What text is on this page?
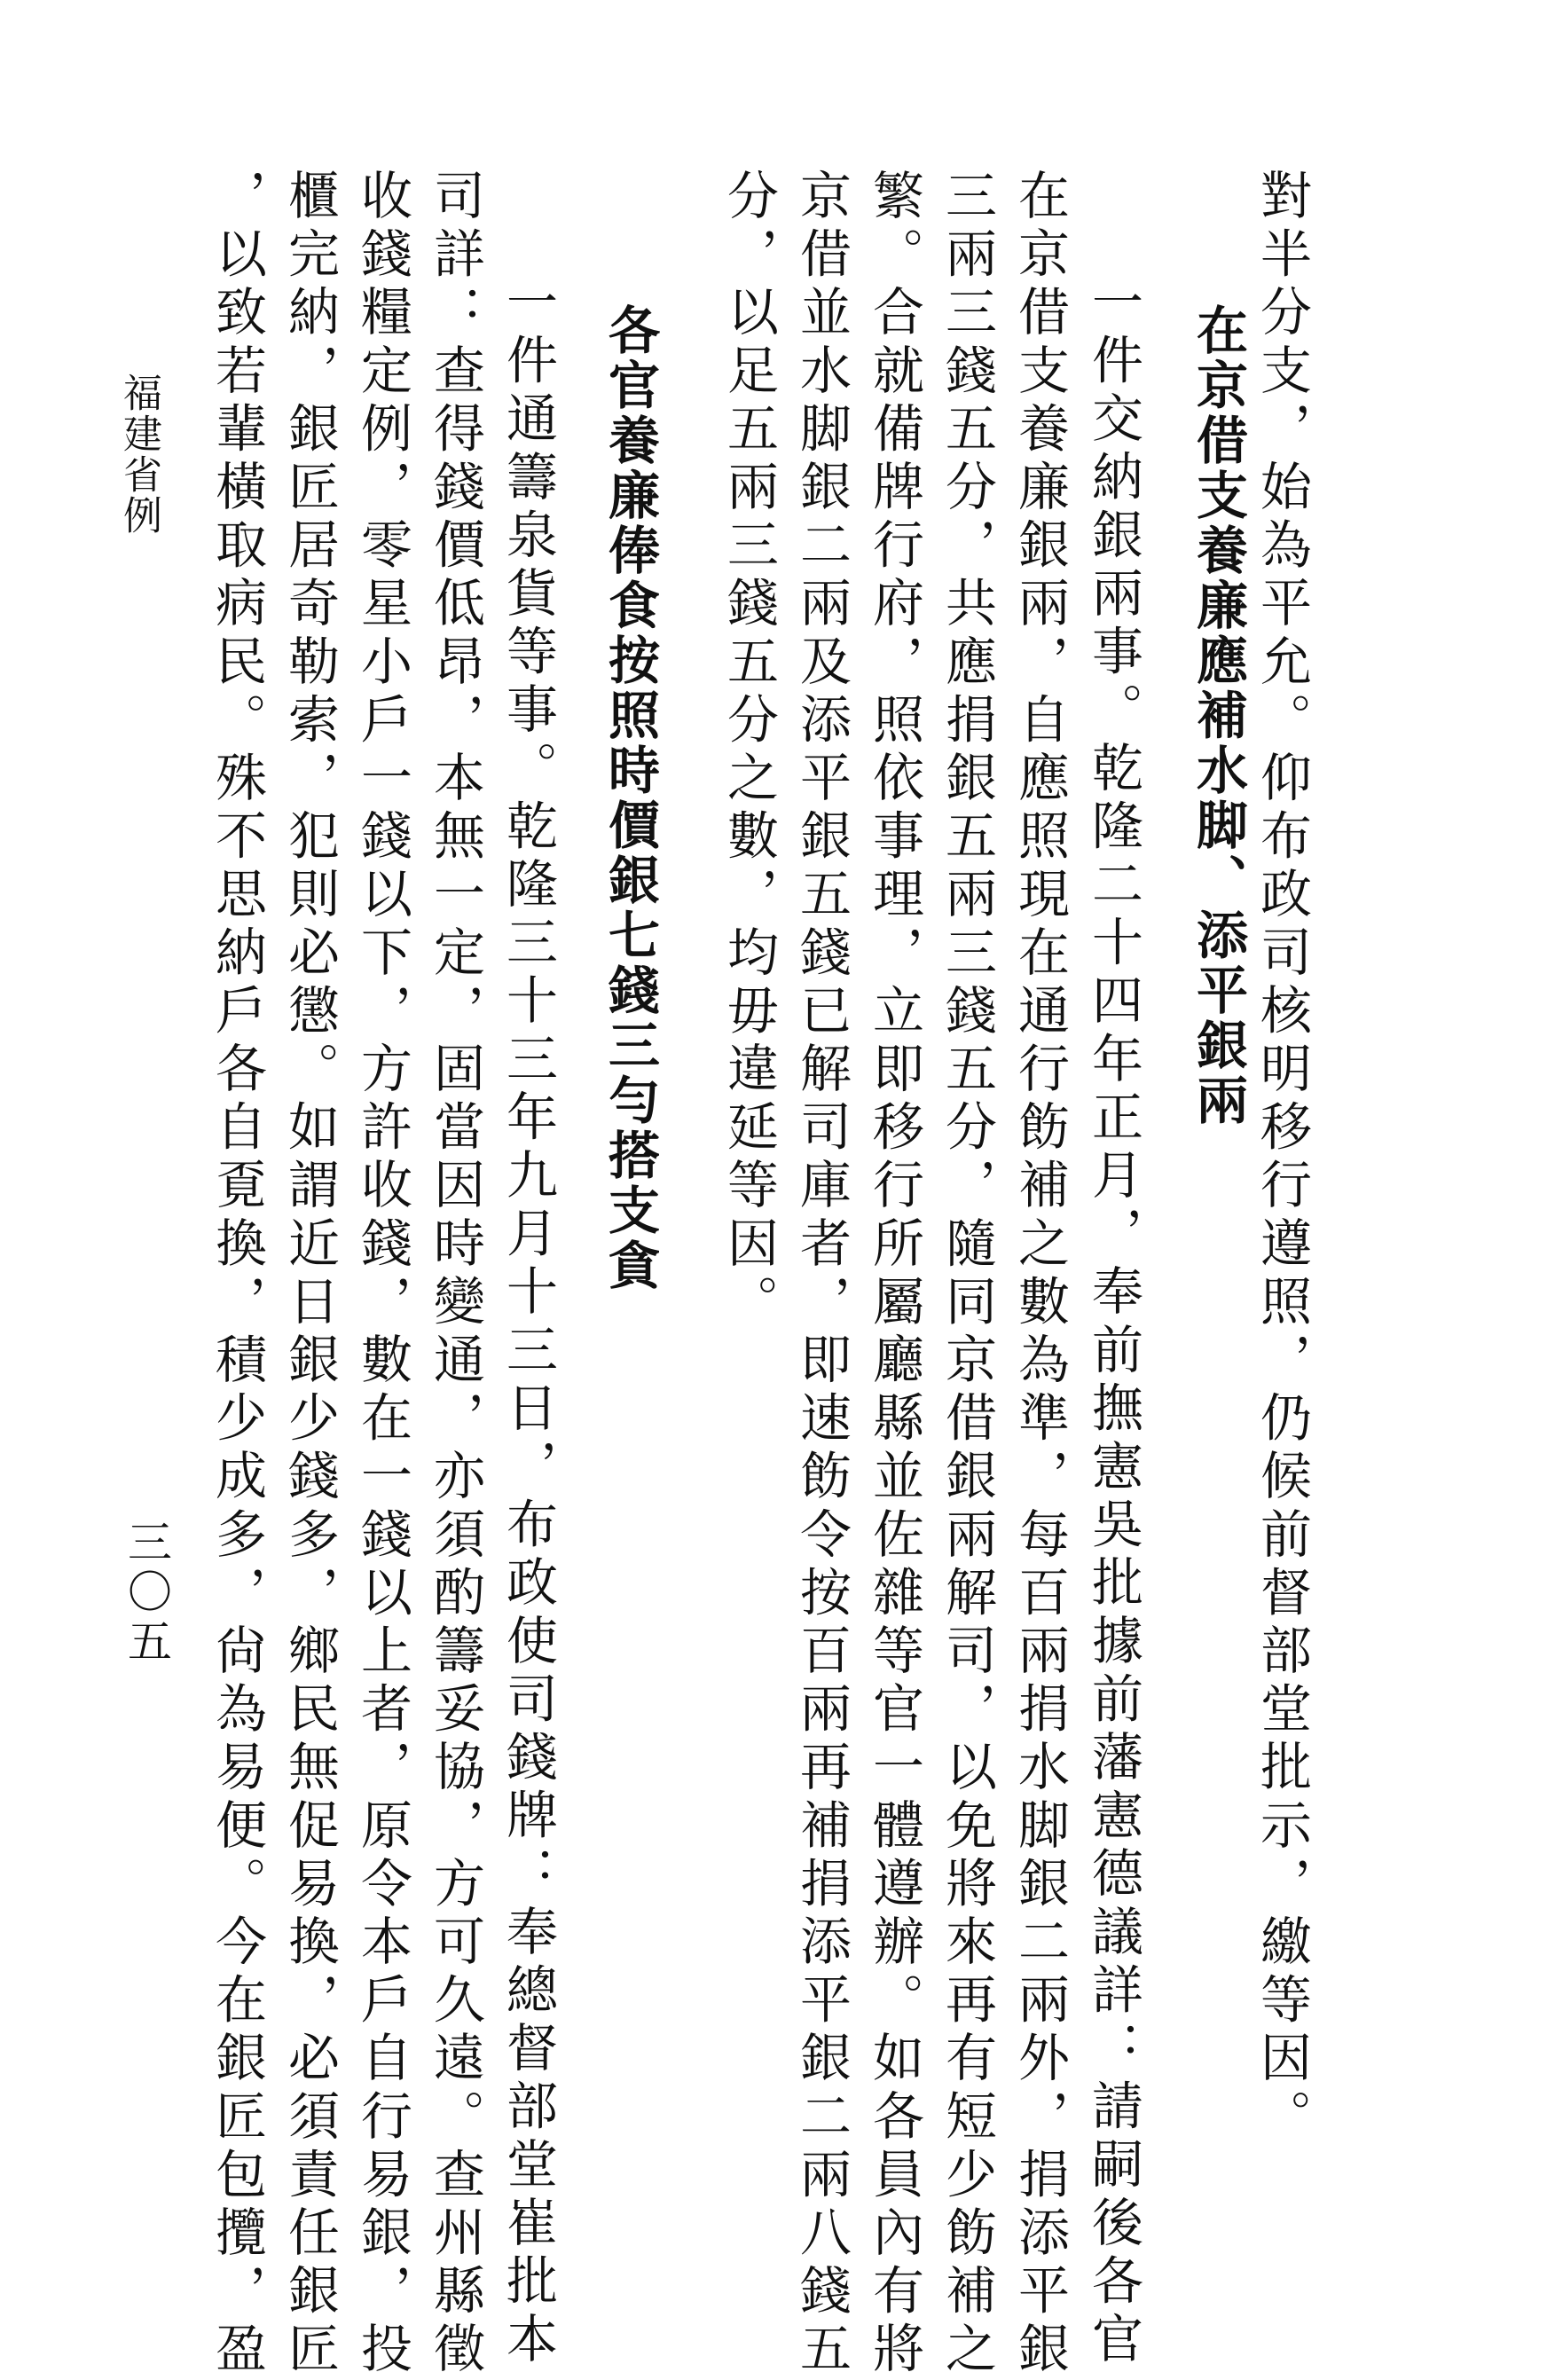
對半分支，始為平允。仰布政司核明移行遵照，仍候前督部堂批示，繳等因。
在京借支養廉應補水脚、添平銀兩
一件交納銀兩事。乾隆二十四年正月，奉前撫憲吳批據前藩憲德議詳：請嗣後各官
在京借支養廉銀兩，自應照現在通行飭補之數為準，每百兩捐水脚銀二兩外，捐添平銀
三兩三錢五分，共應捐銀五兩三錢五分，隨同京借銀兩解司，以免將來再有短少飭補之
繁。合就備牌行府，照依事理，立即移行所屬廳縣並佐雜等官一體遵辦。如各員內有將
京借並水脚銀二兩及添平銀五錢已解司庫者，即速飭令按百兩再補捐添平銀二兩八錢五
分，以足五兩三錢五分之數，均毋違延等因。
各官養廉俸食按照時價銀七錢三勻搭支貪
一件通籌泉貨等事。乾隆三十三年九月十三日，布政使司錢牌：奉總督部堂崔批本
司詳：查得錢價低昂，本無一定，固當因時變通，亦須酌籌妥協，方可久遠。查州縣徵
收錢糧定例，零星小戶一錢以下，方許收錢，數在一錢以上者，原令本戶自行易銀，投
櫃完納，銀匠居奇勒索，犯則必懲。如謂近日銀少錢多，鄉民無促易換，必須責任銀匠
，以致若輩橫取病民。殊不思納戶各自覔換，積少成多，尙為易便。今在銀匠包攬，盈
三〇五
福建省例
